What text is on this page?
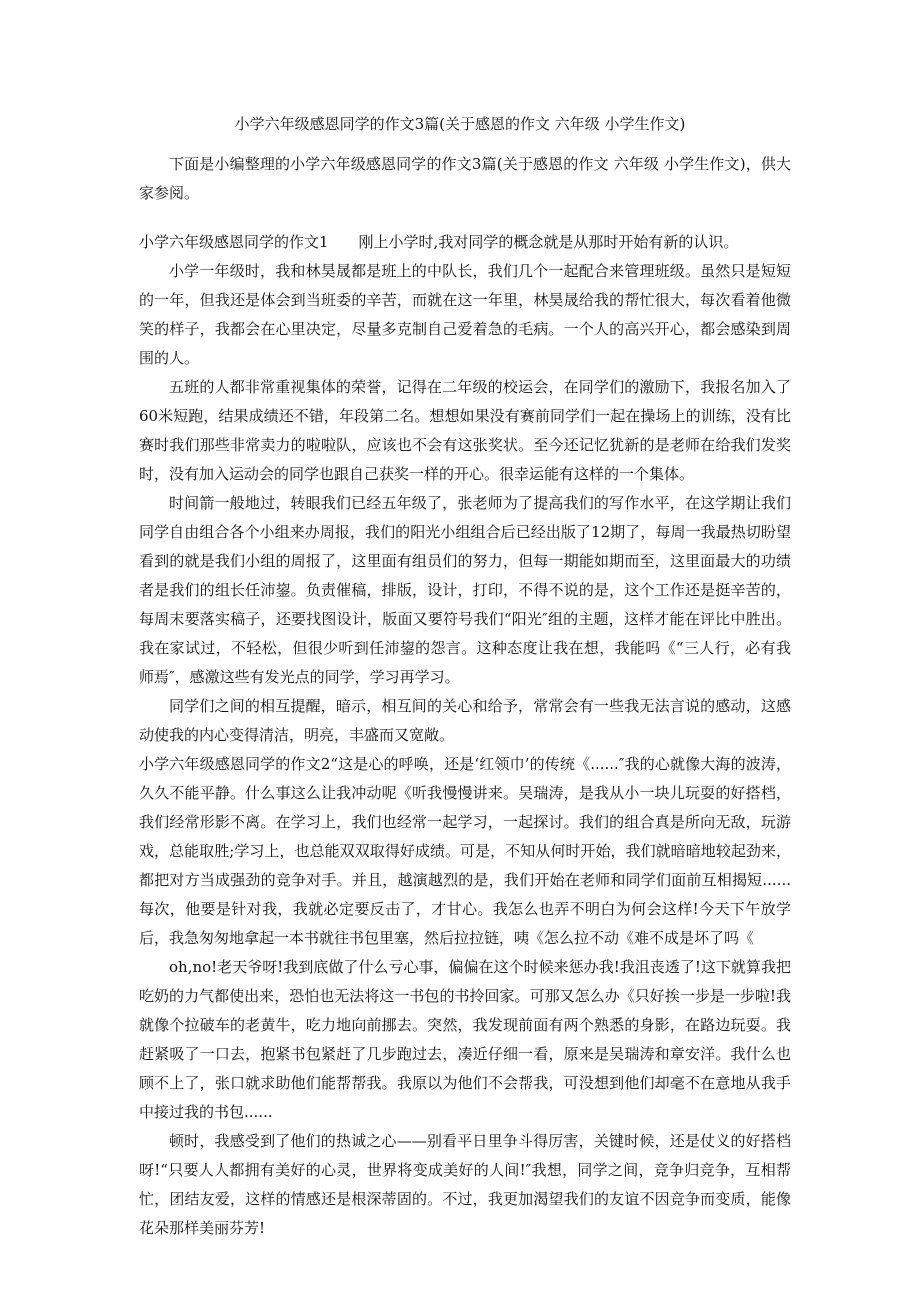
小学六年级感恩同学的作文3篇(关于感恩的作文 六年级 小学生作文)

下面是小编整理的小学六年级感恩同学的作文3篇(关于感恩的作文 六年级 小学生作文)，供大家参阅。

小学六年级感恩同学的作文1 刚上小学时,我对同学的概念就是从那时开始有新的认识。

小学一年级时，我和林昊晟都是班上的中队长，我们几个一起配合来管理班级。虽然只是短短的一年，但我还是体会到当班委的辛苦，而就在这一年里，林昊晟给我的帮忙很大，每次看着他微笑的样子，我都会在心里决定，尽量多克制自己爱着急的毛病。一个人的高兴开心，都会感染到周围的人。

五班的人都非常重视集体的荣誉，记得在二年级的校运会，在同学们的激励下，我报名加入了60米短跑，结果成绩还不错，年段第二名。想想如果没有赛前同学们一起在操场上的训练，没有比赛时我们那些非常卖力的啦啦队，应该也不会有这张奖状。至今还记忆犹新的是老师在给我们发奖时，没有加入运动会的同学也跟自己获奖一样的开心。很幸运能有这样的一个集体。

时间箭一般地过，转眼我们已经五年级了，张老师为了提高我们的写作水平，在这学期让我们同学自由组合各个小组来办周报，我们的阳光小组组合后已经出版了12期了，每周一我最热切盼望看到的就是我们小组的周报了，这里面有组员们的努力，但每一期能如期而至，这里面最大的功绩者是我们的组长任沛鋆。负责催稿，排版，设计，打印，不得不说的是，这个工作还是挺辛苦的，每周末要落实稿子，还要找图设计，版面又要符号我们“阳光″组的主题，这样才能在评比中胜出。我在家试过，不轻松，但很少听到任沛鋆的怨言。这种态度让我在想，我能吗《“三人行，必有我师焉″，感激这些有发光点的同学，学习再学习。

同学们之间的相互提醒，暗示，相互间的关心和给予，常常会有一些我无法言说的感动，这感动使我的内心变得清洁，明亮，丰盛而又宽敞。

小学六年级感恩同学的作文2“这是心的呼唤，还是‘红领巾’的传统《......″我的心就像大海的波涛，久久不能平静。什么事这么让我冲动呢《听我慢慢讲来。吴瑞涛，是我从小一块儿玩耍的好搭档，我们经常形影不离。在学习上，我们也经常一起学习，一起探讨。我们的组合真是所向无敌，玩游戏，总能取胜;学习上，也总能双双取得好成绩。可是，不知从何时开始，我们就暗暗地较起劲来，都把对方当成强劲的竞争对手。并且，越演越烈的是，我们开始在老师和同学们面前互相揭短......每次，他要是针对我，我就必定要反击了，才甘心。我怎么也弄不明白为何会这样!今天下午放学后，我急匆匆地拿起一本书就往书包里塞，然后拉拉链，咦《怎么拉不动《难不成是坏了吗《

oh,no!老天爷呀!我到底做了什么亏心事，偏偏在这个时候来惩办我!我沮丧透了!这下就算我把吃奶的力气都使出来，恐怕也无法将这一书包的书拎回家。可那又怎么办《只好挨一步是一步啦!我就像个拉破车的老黄牛，吃力地向前挪去。突然，我发现前面有两个熟悉的身影，在路边玩耍。我赶紧吸了一口去，抱紧书包紧赶了几步跑过去，凑近仔细一看，原来是吴瑞涛和章安洋。我什么也顾不上了，张口就求助他们能帮帮我。我原以为他们不会帮我，可没想到他们却毫不在意地从我手中接过我的书包......

顿时，我感受到了他们的热诚之心——别看平日里争斗得厉害，关键时候，还是仗义的好搭档呀!“只要人人都拥有美好的心灵，世界将变成美好的人间!″我想，同学之间，竞争归竞争，互相帮忙，团结友爱，这样的情感还是根深蒂固的。不过，我更加渴望我们的友谊不因竞争而变质，能像花朵那样美丽芬芳!
